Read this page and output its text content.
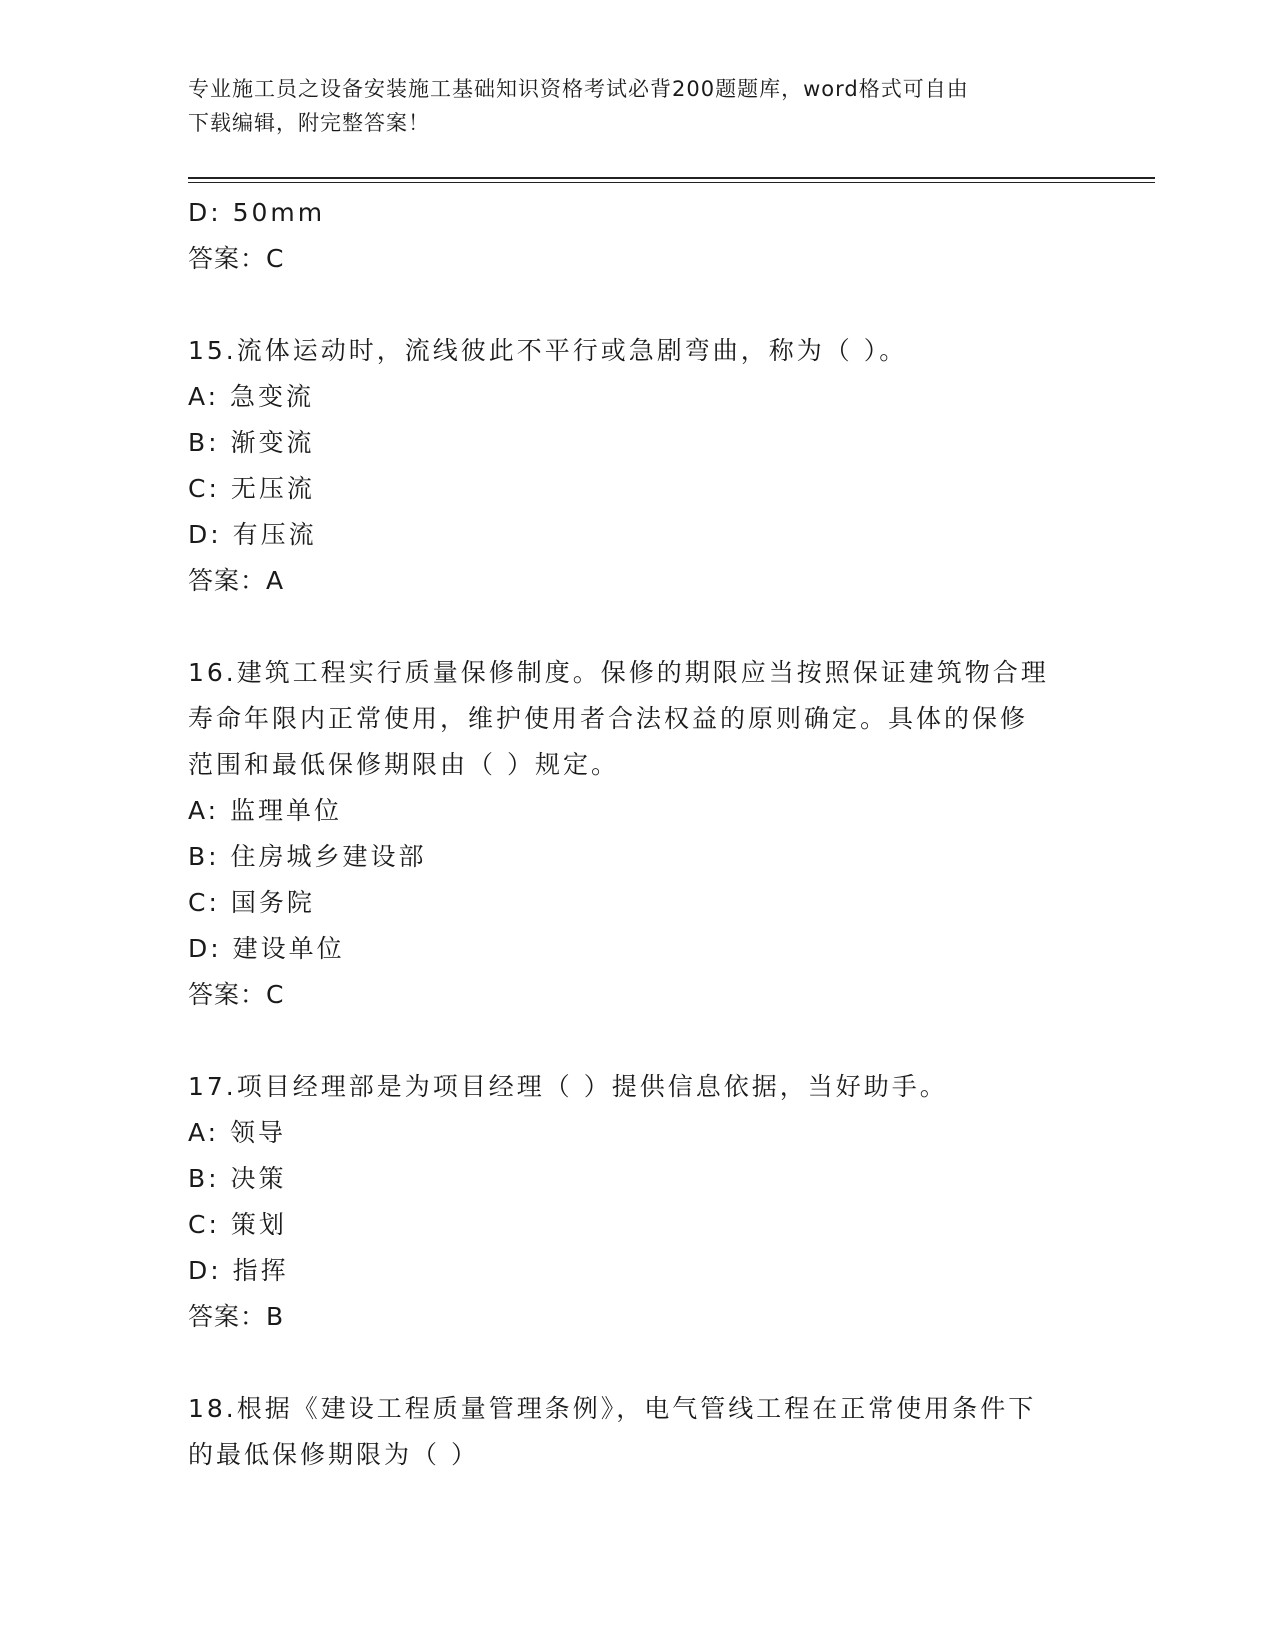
专业施工员之设备安装施工基础知识资格考试必背200题题库，word格式可自由
下载编辑，附完整答案！
D: 50mm
答案：C
15.流体运动时，流线彼此不平行或急剧弯曲，称为（ ）。
A: 急变流
B: 渐变流
C: 无压流
D: 有压流
答案：A
16.建筑工程实行质量保修制度。保修的期限应当按照保证建筑物合理
寿命年限内正常使用，维护使用者合法权益的原则确定。具体的保修
范围和最低保修期限由（ ）规定。
A: 监理单位
B: 住房城乡建设部
C: 国务院
D: 建设单位
答案：C
17.项目经理部是为项目经理（ ）提供信息依据，当好助手。
A: 领导
B: 决策
C: 策划
D: 指挥
答案：B
18.根据《建设工程质量管理条例》，电气管线工程在正常使用条件下
的最低保修期限为（ ）
